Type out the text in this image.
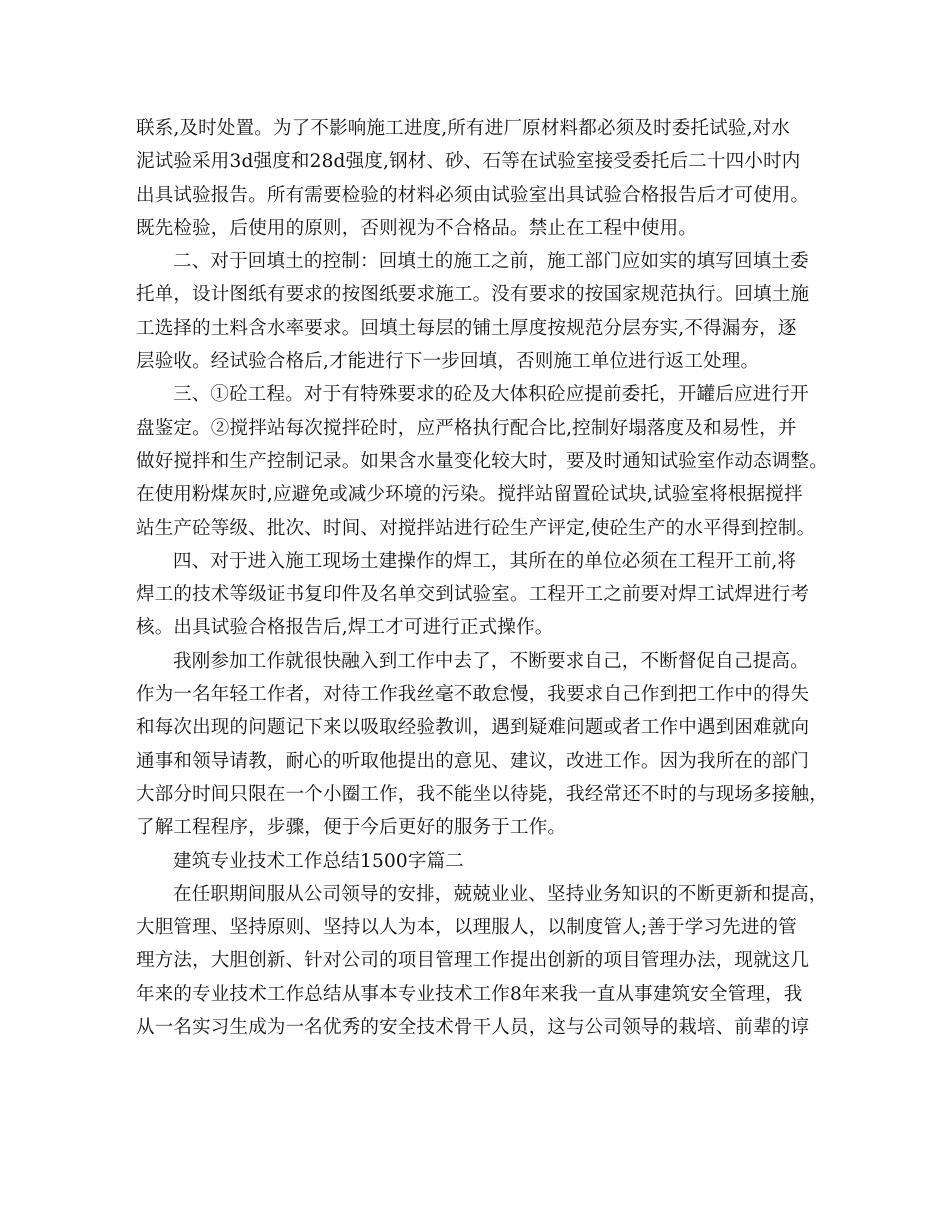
联系,及时处置。为了不影响施工进度,所有进厂原材料都必须及时委托试验,对水
泥试验采用3d强度和28d强度,钢材、砂、石等在试验室接受委托后二十四小时内
出具试验报告。所有需要检验的材料必须由试验室出具试验合格报告后才可使用。
既先检验，后使用的原则，否则视为不合格品。禁止在工程中使用。
二、对于回填土的控制：回填土的施工之前，施工部门应如实的填写回填土委
托单，设计图纸有要求的按图纸要求施工。没有要求的按国家规范执行。回填土施
工选择的土料含水率要求。回填土每层的铺土厚度按规范分层夯实,不得漏夯，逐
层验收。经试验合格后,才能进行下一步回填，否则施工单位进行返工处理。
三、①砼工程。对于有特殊要求的砼及大体积砼应提前委托，开罐后应进行开
盘鉴定。②搅拌站每次搅拌砼时，应严格执行配合比,控制好塌落度及和易性，并
做好搅拌和生产控制记录。如果含水量变化较大时，要及时通知试验室作动态调整。
在使用粉煤灰时,应避免或减少环境的污染。搅拌站留置砼试块,试验室将根据搅拌
站生产砼等级、批次、时间、对搅拌站进行砼生产评定,使砼生产的水平得到控制。
四、对于进入施工现场土建操作的焊工，其所在的单位必须在工程开工前,将
焊工的技术等级证书复印件及名单交到试验室。工程开工之前要对焊工试焊进行考
核。出具试验合格报告后,焊工才可进行正式操作。
我刚参加工作就很快融入到工作中去了，不断要求自己，不断督促自己提高。
作为一名年轻工作者，对待工作我丝毫不敢怠慢，我要求自己作到把工作中的得失
和每次出现的问题记下来以吸取经验教训，遇到疑难问题或者工作中遇到困难就向
通事和领导请教，耐心的听取他提出的意见、建议，改进工作。因为我所在的部门
大部分时间只限在一个小圈工作，我不能坐以待毙，我经常还不时的与现场多接触，
了解工程程序，步骤，便于今后更好的服务于工作。
建筑专业技术工作总结1500字篇二
在任职期间服从公司领导的安排，兢兢业业、坚持业务知识的不断更新和提高，
大胆管理、坚持原则、坚持以人为本，以理服人，以制度管人;善于学习先进的管
理方法，大胆创新、针对公司的项目管理工作提出创新的项目管理办法，现就这几
年来的专业技术工作总结从事本专业技术工作8年来我一直从事建筑安全管理，我
从一名实习生成为一名优秀的安全技术骨干人员，这与公司领导的栽培、前辈的谆
